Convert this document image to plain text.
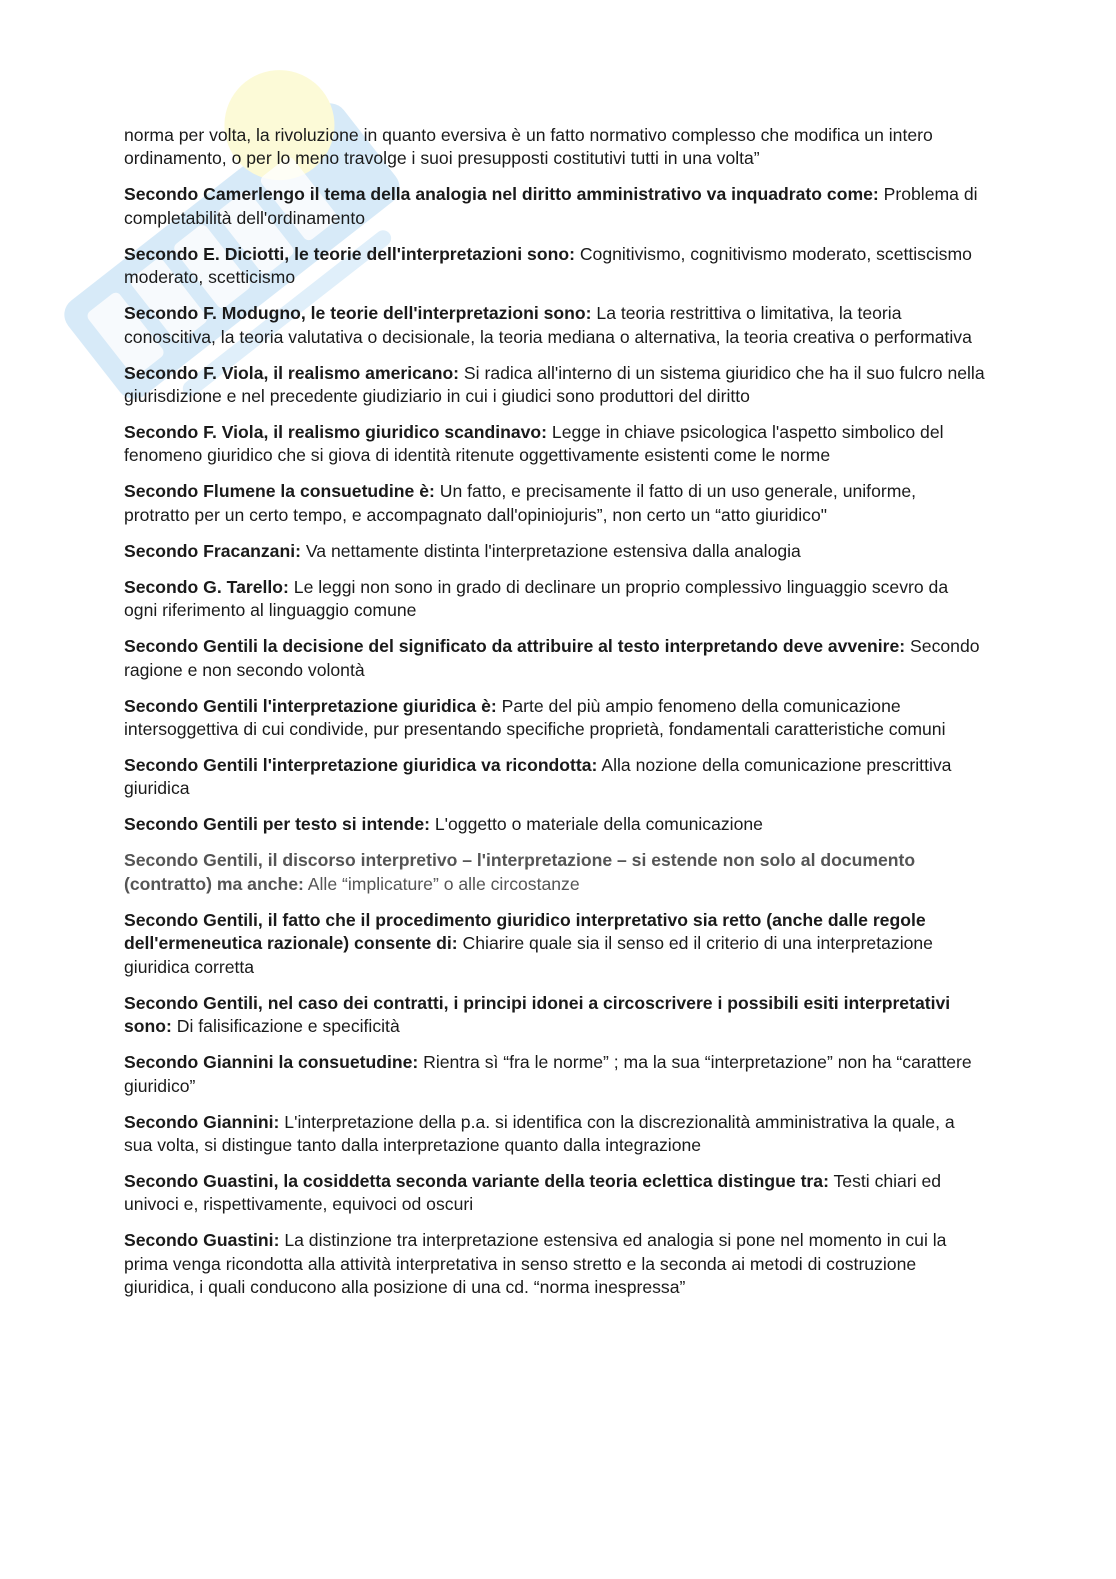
norma per volta, la rivoluzione in quanto eversiva è un fatto normativo complesso che modifica un intero ordinamento, o per lo meno travolge i suoi presupposti costitutivi tutti in una volta”

Secondo Camerlengo il tema della analogia nel diritto amministrativo va inquadrato come: Problema di completabilità dell'ordinamento

Secondo E. Diciotti, le teorie dell'interpretazioni sono: Cognitivismo, cognitivismo moderato, scettiscismo moderato, scetticismo

Secondo F. Modugno, le teorie dell'interpretazioni sono: La teoria restrittiva o limitativa, la teoria conoscitiva, la teoria valutativa o decisionale, la teoria mediana o alternativa, la teoria creativa o performativa

Secondo F. Viola, il realismo americano: Si radica all'interno di un sistema giuridico che ha il suo fulcro nella giurisdizione e nel precedente giudiziario in cui i giudici sono produttori del diritto

Secondo F. Viola, il realismo giuridico scandinavo: Legge in chiave psicologica l'aspetto simbolico del fenomeno giuridico che si giova di identità ritenute oggettivamente esistenti come le norme

Secondo Flumene la consuetudine è: Un fatto, e precisamente il fatto di un uso generale, uniforme, protratto per un certo tempo, e accompagnato dall'opiniojuris”, non certo un “atto giuridico"

Secondo Fracanzani: Va nettamente distinta l'interpretazione estensiva dalla analogia

Secondo G. Tarello: Le leggi non sono in grado di declinare un proprio complessivo linguaggio scevro da ogni riferimento al linguaggio comune

Secondo Gentili la decisione del significato da attribuire al testo interpretando deve avvenire: Secondo ragione e non secondo volontà

Secondo Gentili l'interpretazione giuridica è: Parte del più ampio fenomeno della comunicazione intersoggettiva di cui condivide, pur presentando specifiche proprietà, fondamentali caratteristiche comuni

Secondo Gentili l'interpretazione giuridica va ricondotta: Alla nozione della comunicazione prescrittiva giuridica

Secondo Gentili per testo si intende: L'oggetto o materiale della comunicazione

Secondo Gentili, il discorso interpretivo – l'interpretazione – si estende non solo al documento (contratto) ma anche: Alle “implicature” o alle circostanze

Secondo Gentili, il fatto che il procedimento giuridico interpretativo sia retto (anche dalle regole dell'ermeneutica razionale) consente di: Chiarire quale sia il senso ed il criterio di una interpretazione giuridica corretta

Secondo Gentili, nel caso dei contratti, i principi idonei a circoscrivere i possibili esiti interpretativi sono: Di falisificazione e specificità

Secondo Giannini la consuetudine: Rientra sì “fra le norme” ; ma la sua “interpretazione” non ha “carattere giuridico”

Secondo Giannini: L'interpretazione della p.a. si identifica con la discrezionalità amministrativa la quale, a sua volta, si distingue tanto dalla interpretazione quanto dalla integrazione

Secondo Guastini, la cosiddetta seconda variante della teoria eclettica distingue tra: Testi chiari ed univoci e, rispettivamente, equivoci od oscuri

Secondo Guastini: La distinzione tra interpretazione estensiva ed analogia si pone nel momento in cui la prima venga ricondotta alla attività interpretativa in senso stretto e la seconda ai metodi di costruzione giuridica, i quali conducono alla posizione di una cd. “norma inespressa”
